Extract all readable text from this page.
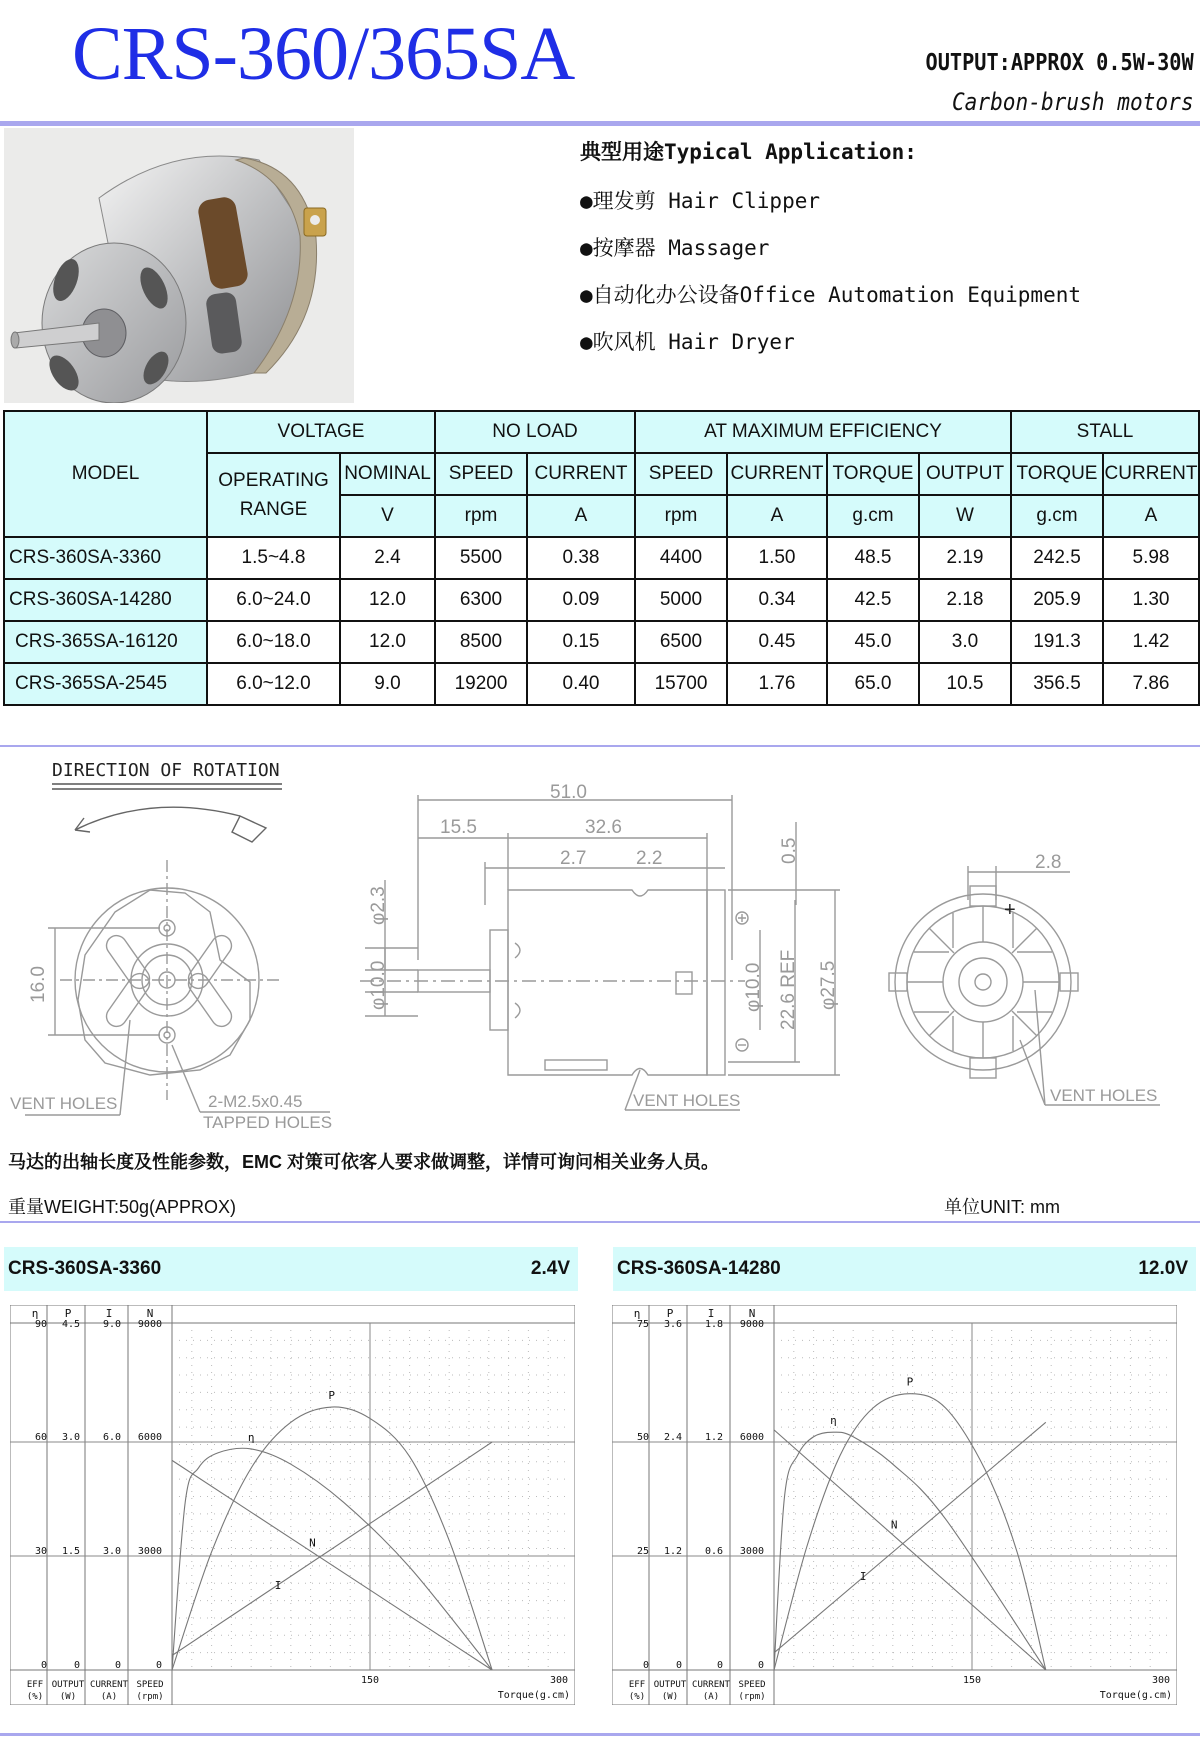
CRS-360/365SA	OUTPUT:APPROX 0.5W-30W
Carbon-brush motors
典型用途Typical Application:
●理发剪 Hair Clipper
●按摩器 Massager
●自动化办公设备Office Automation Equipment
●吹风机 Hair Dryer
MODEL	VOLTAGE		NO LOAD		AT MAXIMUM EFFICIENCY				STALL	
	OPERATING RANGE	NOMINAL	SPEED	CURRENT	SPEED	CURRENT	TORQUE	OUTPUT	TORQUE	CURRENT
		V	rpm	A	rpm	A	g.cm	W	g.cm	A
CRS-360SA-3360	1.5~4.8	2.4	5500	0.38	4400	1.50	48.5	2.19	242.5	5.98
CRS-360SA-14280	6.0~24.0	12.0	6300	0.09	5000	0.34	42.5	2.18	205.9	1.30
CRS-365SA-16120	6.0~18.0	12.0	8500	0.15	6500	0.45	45.0	3.0	191.3	1.42
CRS-365SA-2545	6.0~12.0	9.0	19200	0.40	15700	1.76	65.0	10.5	356.5	7.86
DIRECTION OF ROTATION
16.0
VENT HOLES	2-M2.5x0.45
TAPPED HOLES
51.0
15.5	32.6
2.7	2.2	0.5
φ10.0
φ2.3
φ10.0 22.6 REF φ27.5
VENT HOLES
2.8
+
VENT HOLES
马达的出轴长度及性能参数，EMC 对策可依客人要求做调整，详情可询问相关业务人员。
重量WEIGHT:50g(APPROX)	单位UNIT: mm
CRS-360SA-3360	2.4V CRS-360SA-14280	12.0V
η
90
60
30
0
EFF
(%)
P
4.5
3.0
1.5
0
OUTPUT
(W)
I
9.0
6.0
3.0
0
CURRENT
(A)
N
9000
6000
3000
0
SPEED
(rpm)
150	300
Torque(g.cm)
η
P
N
I
η
75
50
25
0
EFF
(%)
P
3.6
2.4
1.2
0
OUTPUT
(W)
I
1.8
1.2
0.6
0
CURRENT
(A)
N
9000
6000
3000
0
SPEED
(rpm)
150	300
Torque(g.cm)
η
P
N
I
